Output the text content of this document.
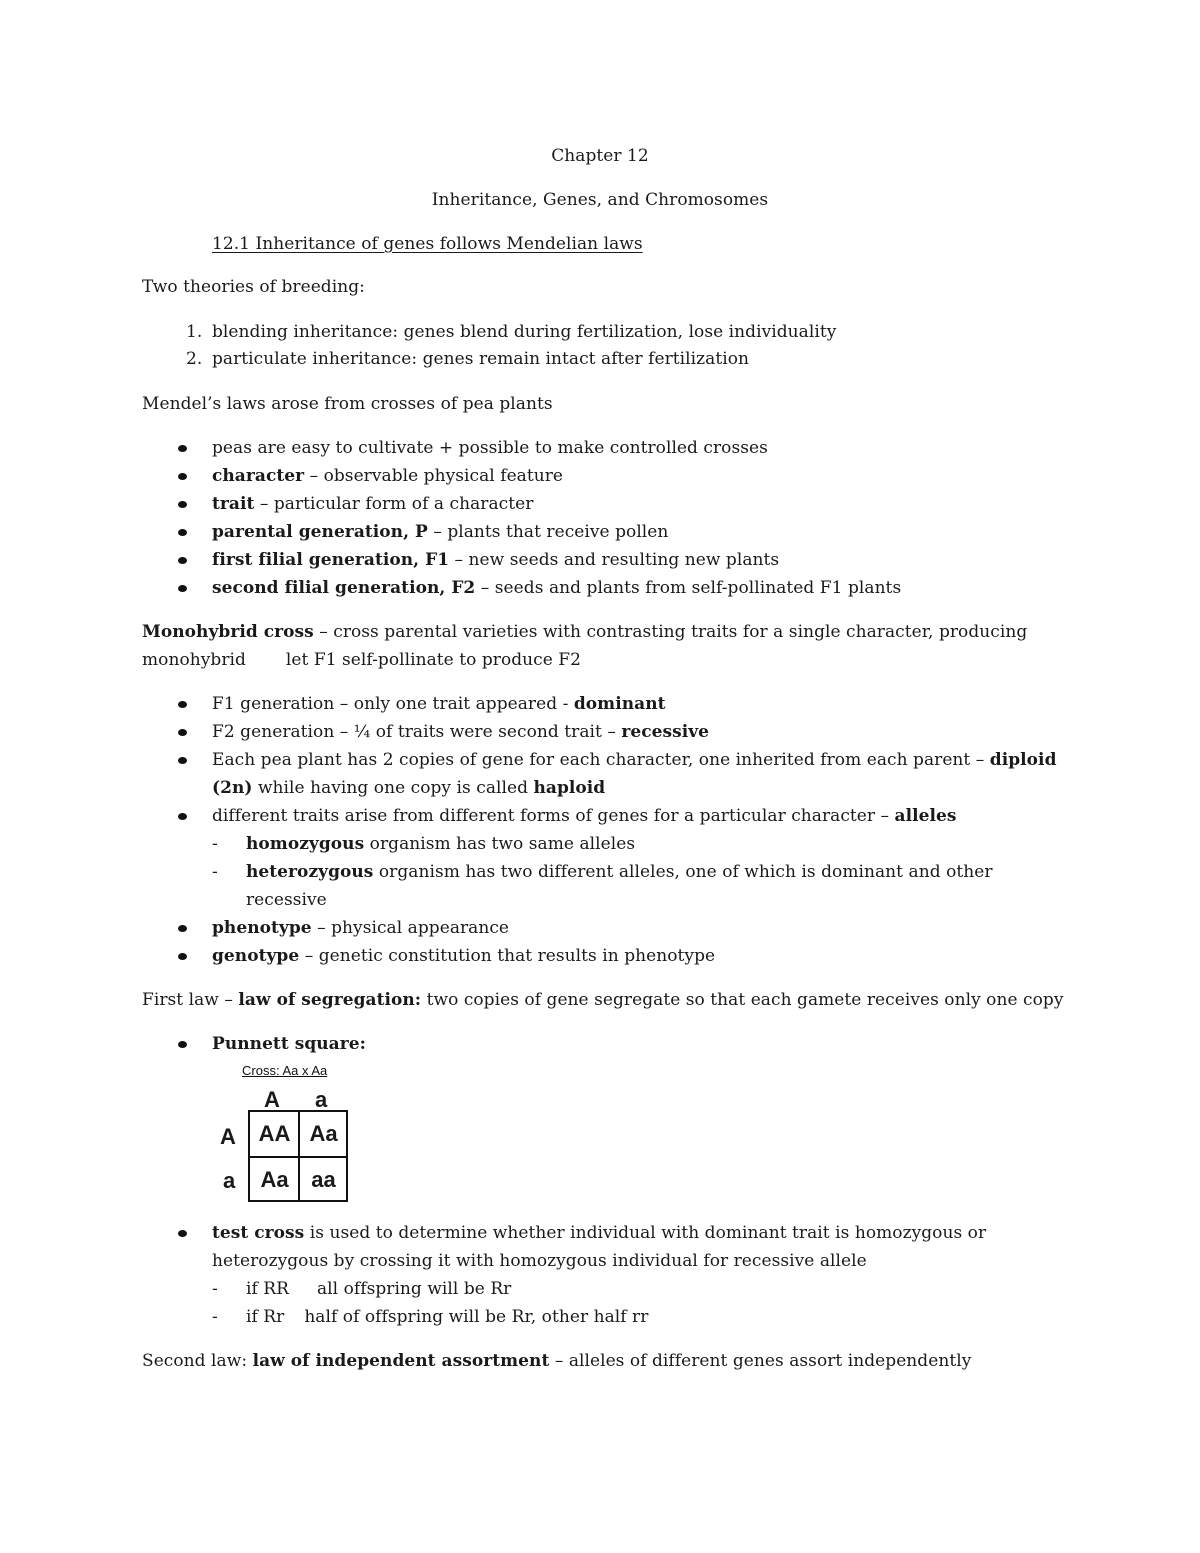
Chapter 12
Inheritance, Genes, and Chromosomes
12.1 Inheritance of genes follows Mendelian laws
Two theories of breeding:
1. blending inheritance: genes blend during fertilization, lose individuality
2. particulate inheritance: genes remain intact after fertilization
Mendel’s laws arose from crosses of pea plants
peas are easy to cultivate + possible to make controlled crosses
character – observable physical feature
trait – particular form of a character
parental generation, P – plants that receive pollen
first filial generation, F1 – new seeds and resulting new plants
second filial generation, F2 – seeds and plants from self-pollinated F1 plants
Monohybrid cross – cross parental varieties with contrasting traits for a single character, producing
monohybrid let F1 self-pollinate to produce F2
F1 generation – only one trait appeared - dominant
F2 generation – ¼ of traits were second trait – recessive
Each pea plant has 2 copies of gene for each character, one inherited from each parent – diploid
(2n) while having one copy is called haploid
different traits arise from different forms of genes for a particular character – alleles
- homozygous organism has two same alleles
- heterozygous organism has two different alleles, one of which is dominant and other
recessive
phenotype – physical appearance
genotype – genetic constitution that results in phenotype
First law – law of segregation: two copies of gene segregate so that each gamete receives only one copy
Punnett square:
Cross: Aa x Aa
A a
A
a
AA Aa
Aa	aa
test cross is used to determine whether individual with dominant trait is homozygous or
heterozygous by crossing it with homozygous individual for recessive allele
- if RR all offspring will be Rr
- if Rr half of offspring will be Rr, other half rr
Second law: law of independent assortment – alleles of different genes assort independently
